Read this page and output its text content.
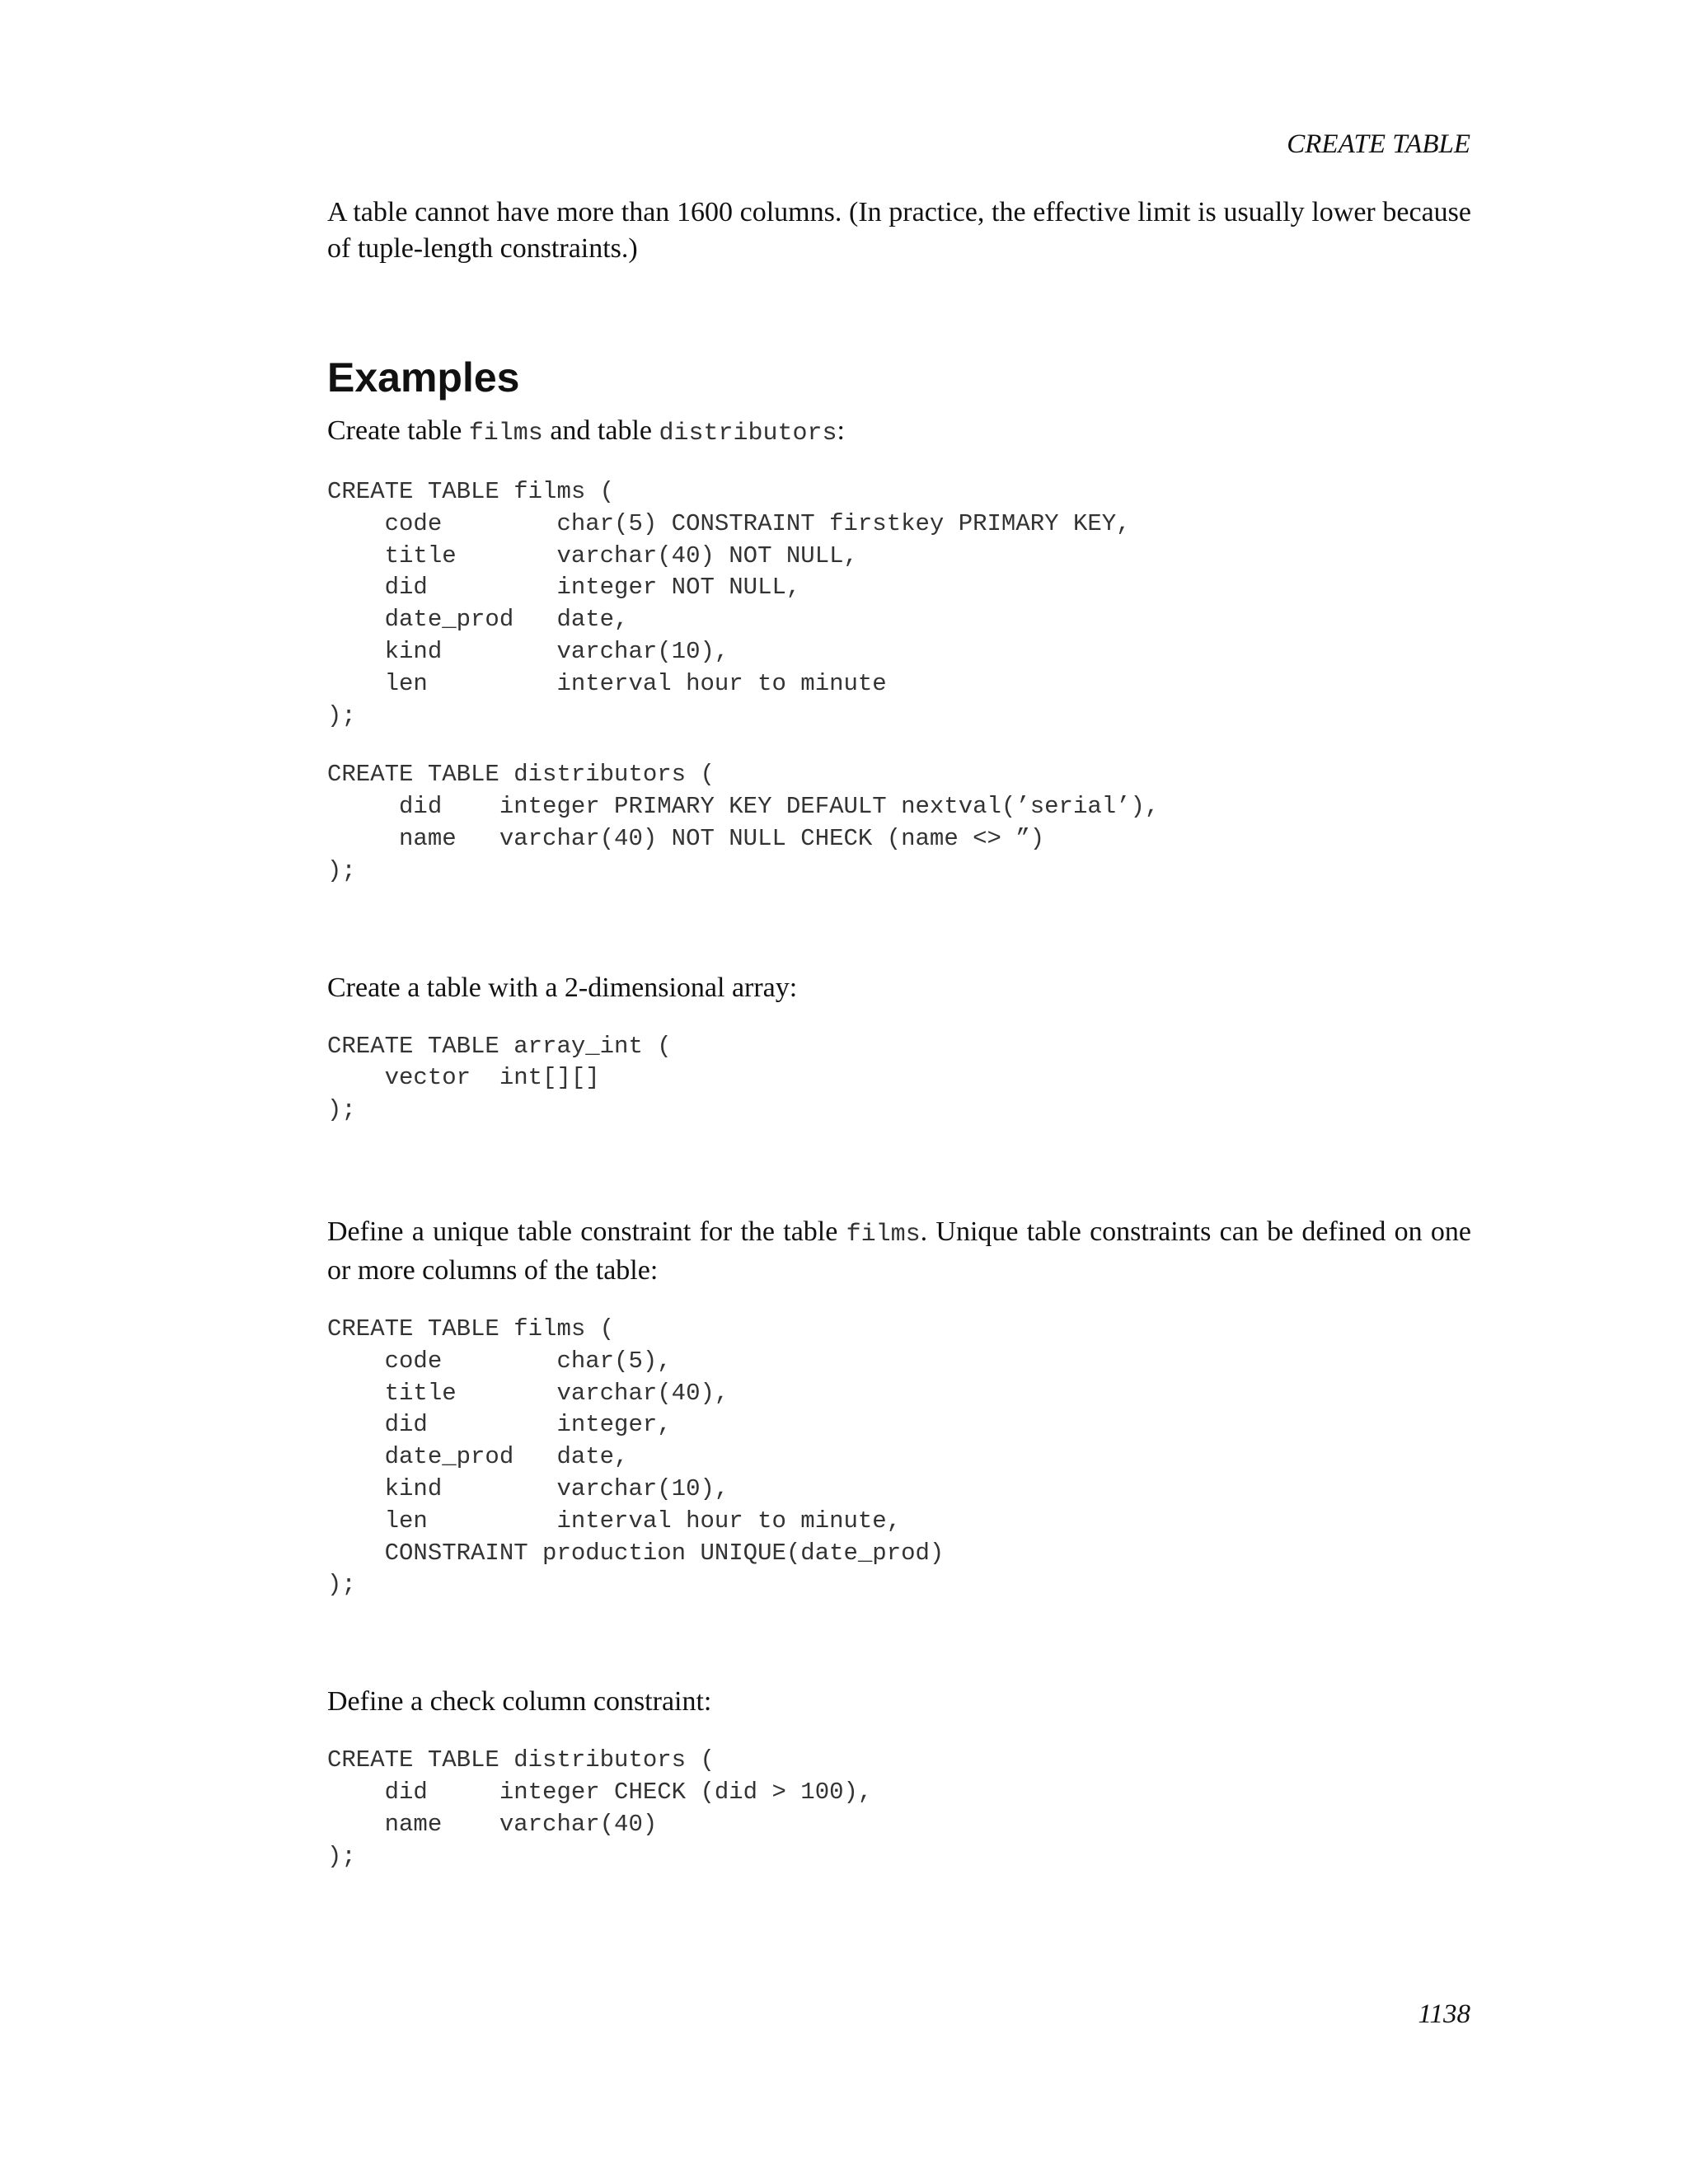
CREATE TABLE

A table cannot have more than 1600 columns. (In practice, the effective limit is usually lower because of tuple-length constraints.)

Examples

Create table films and table distributors:

CREATE TABLE films (
code        char(5) CONSTRAINT firstkey PRIMARY KEY,
title       varchar(40) NOT NULL,
did         integer NOT NULL,
date_prod   date,
kind        varchar(10),
len         interval hour to minute
);
CREATE TABLE distributors (
did    integer PRIMARY KEY DEFAULT nextval(’serial’),
name   varchar(40) NOT NULL CHECK (name <> ”)
);

Create a table with a 2-dimensional array:

CREATE TABLE array_int (
vector  int[][]
);

Define a unique table constraint for the table films. Unique table constraints can be defined on one or more columns of the table:

CREATE TABLE films (
code        char(5),
title       varchar(40),
did         integer,
date_prod   date,
kind        varchar(10),
len         interval hour to minute,
CONSTRAINT production UNIQUE(date_prod)
);

Define a check column constraint:

CREATE TABLE distributors (
did     integer CHECK (did > 100),
name    varchar(40)
);
1138
